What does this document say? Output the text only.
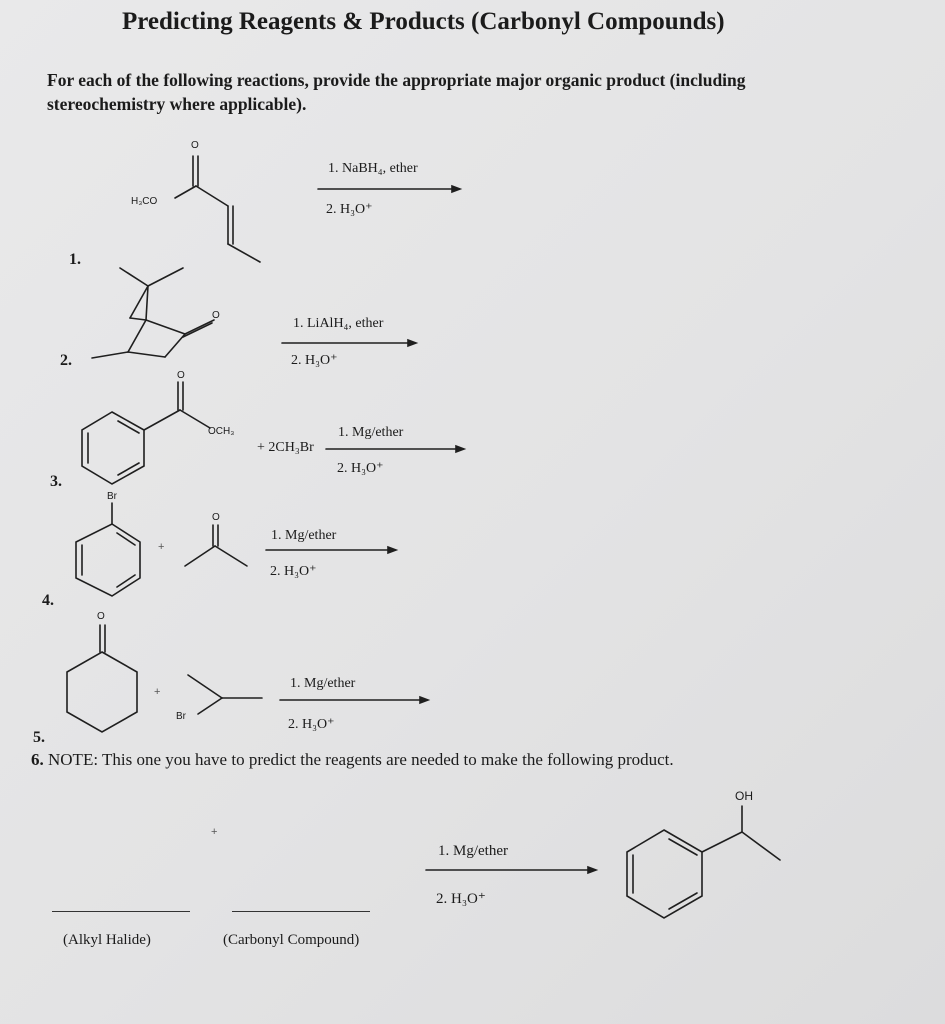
Predicting Reagents & Products (Carbonyl Compounds)
For each of the following reactions, provide the appropriate major organic product (including stereochemistry where applicable).
O
H₃CO
1. NaBH₄, ether
2. H₃O⁺
1.
O
1. LiAlH₄, ether
2. H₃O⁺
2.
O
OCH₃
+ 2CH₃Br
1. Mg/ether
2. H₃O⁺
3.
Br
O
+
1. Mg/ether
2. H₃O⁺
4.
O
+
Br
1. Mg/ether
2. H₃O⁺
5.
6. NOTE: This one you have to predict the reagents are needed to make the following product.
OH
+
1. Mg/ether
2. H₃O⁺
(Alkyl Halide)	(Carbonyl Compound)
